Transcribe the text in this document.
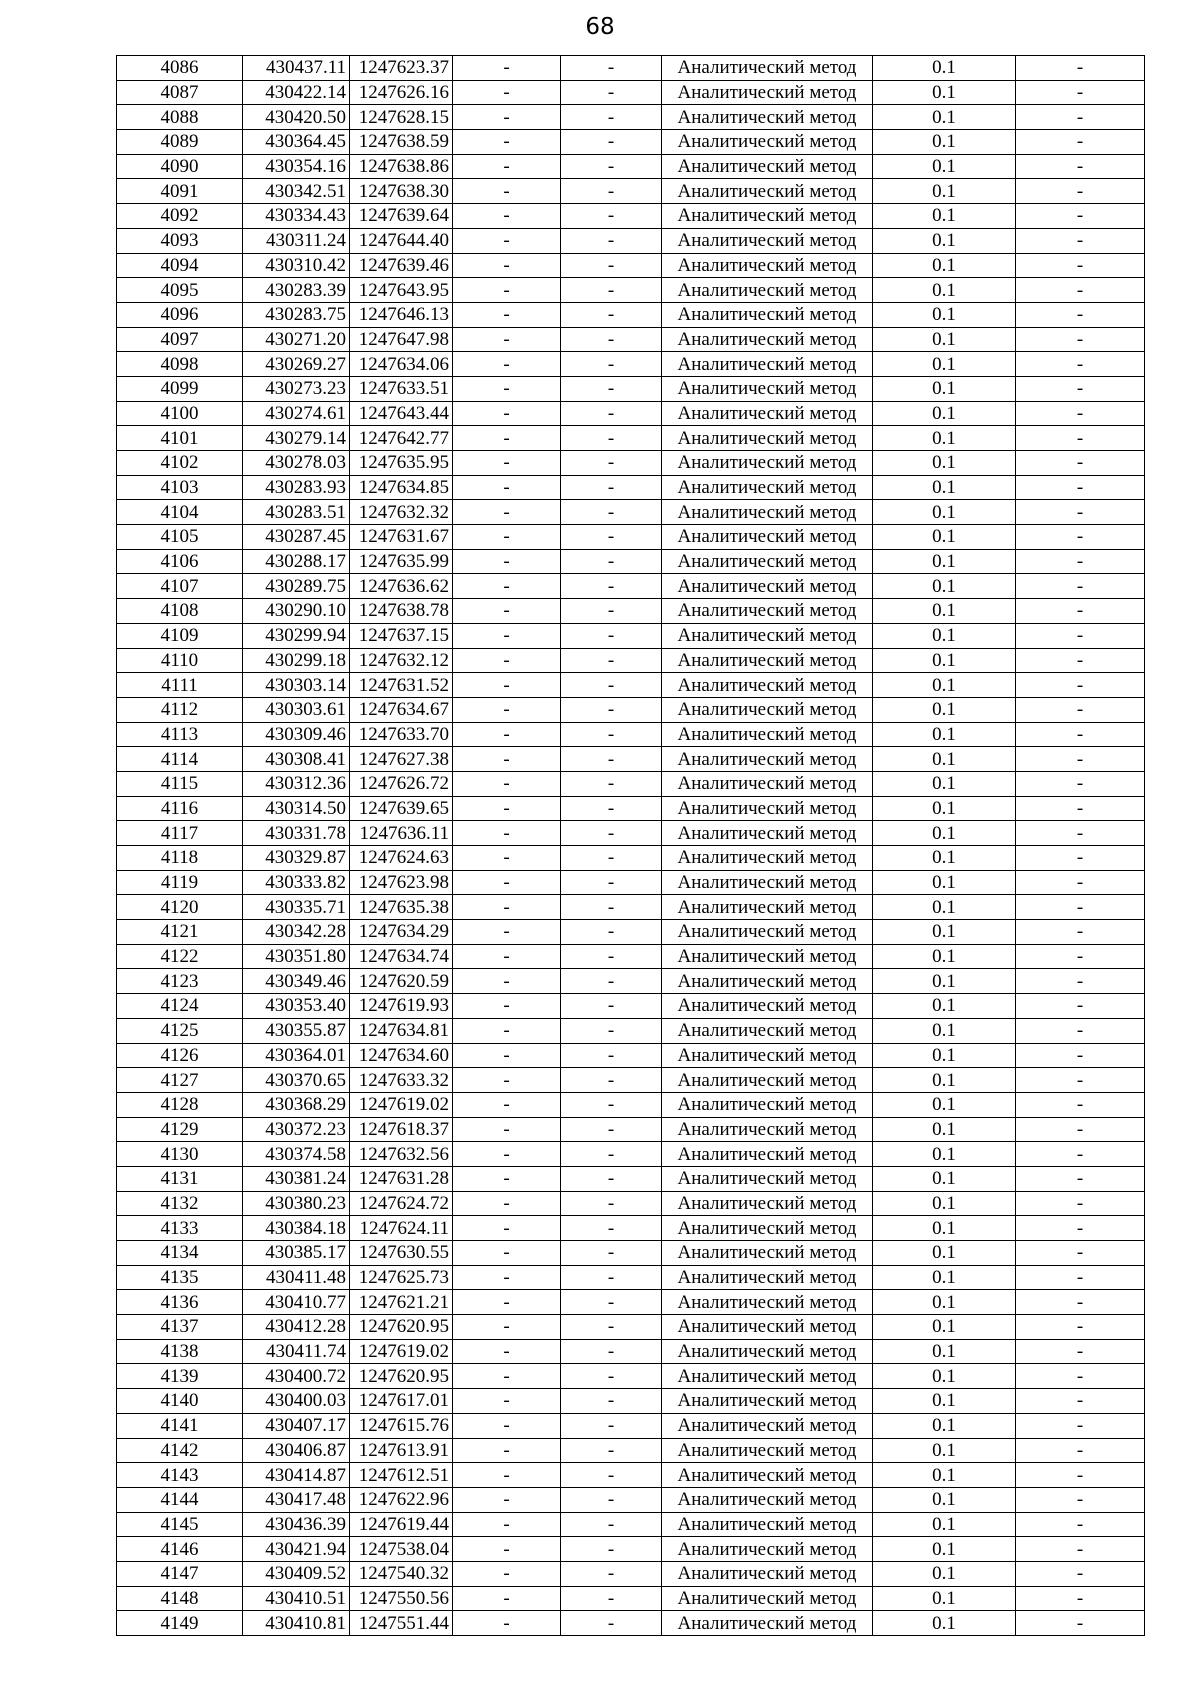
68
4086	430437.11	1247623.37	-	-	Аналитический метод	0.1	-
4087	430422.14	1247626.16	-	-	Аналитический метод	0.1	-
4088	430420.50	1247628.15	-	-	Аналитический метод	0.1	-
4089	430364.45	1247638.59	-	-	Аналитический метод	0.1	-
4090	430354.16	1247638.86	-	-	Аналитический метод	0.1	-
4091	430342.51	1247638.30	-	-	Аналитический метод	0.1	-
4092	430334.43	1247639.64	-	-	Аналитический метод	0.1	-
4093	430311.24	1247644.40	-	-	Аналитический метод	0.1	-
4094	430310.42	1247639.46	-	-	Аналитический метод	0.1	-
4095	430283.39	1247643.95	-	-	Аналитический метод	0.1	-
4096	430283.75	1247646.13	-	-	Аналитический метод	0.1	-
4097	430271.20	1247647.98	-	-	Аналитический метод	0.1	-
4098	430269.27	1247634.06	-	-	Аналитический метод	0.1	-
4099	430273.23	1247633.51	-	-	Аналитический метод	0.1	-
4100	430274.61	1247643.44	-	-	Аналитический метод	0.1	-
4101	430279.14	1247642.77	-	-	Аналитический метод	0.1	-
4102	430278.03	1247635.95	-	-	Аналитический метод	0.1	-
4103	430283.93	1247634.85	-	-	Аналитический метод	0.1	-
4104	430283.51	1247632.32	-	-	Аналитический метод	0.1	-
4105	430287.45	1247631.67	-	-	Аналитический метод	0.1	-
4106	430288.17	1247635.99	-	-	Аналитический метод	0.1	-
4107	430289.75	1247636.62	-	-	Аналитический метод	0.1	-
4108	430290.10	1247638.78	-	-	Аналитический метод	0.1	-
4109	430299.94	1247637.15	-	-	Аналитический метод	0.1	-
4110	430299.18	1247632.12	-	-	Аналитический метод	0.1	-
4111	430303.14	1247631.52	-	-	Аналитический метод	0.1	-
4112	430303.61	1247634.67	-	-	Аналитический метод	0.1	-
4113	430309.46	1247633.70	-	-	Аналитический метод	0.1	-
4114	430308.41	1247627.38	-	-	Аналитический метод	0.1	-
4115	430312.36	1247626.72	-	-	Аналитический метод	0.1	-
4116	430314.50	1247639.65	-	-	Аналитический метод	0.1	-
4117	430331.78	1247636.11	-	-	Аналитический метод	0.1	-
4118	430329.87	1247624.63	-	-	Аналитический метод	0.1	-
4119	430333.82	1247623.98	-	-	Аналитический метод	0.1	-
4120	430335.71	1247635.38	-	-	Аналитический метод	0.1	-
4121	430342.28	1247634.29	-	-	Аналитический метод	0.1	-
4122	430351.80	1247634.74	-	-	Аналитический метод	0.1	-
4123	430349.46	1247620.59	-	-	Аналитический метод	0.1	-
4124	430353.40	1247619.93	-	-	Аналитический метод	0.1	-
4125	430355.87	1247634.81	-	-	Аналитический метод	0.1	-
4126	430364.01	1247634.60	-	-	Аналитический метод	0.1	-
4127	430370.65	1247633.32	-	-	Аналитический метод	0.1	-
4128	430368.29	1247619.02	-	-	Аналитический метод	0.1	-
4129	430372.23	1247618.37	-	-	Аналитический метод	0.1	-
4130	430374.58	1247632.56	-	-	Аналитический метод	0.1	-
4131	430381.24	1247631.28	-	-	Аналитический метод	0.1	-
4132	430380.23	1247624.72	-	-	Аналитический метод	0.1	-
4133	430384.18	1247624.11	-	-	Аналитический метод	0.1	-
4134	430385.17	1247630.55	-	-	Аналитический метод	0.1	-
4135	430411.48	1247625.73	-	-	Аналитический метод	0.1	-
4136	430410.77	1247621.21	-	-	Аналитический метод	0.1	-
4137	430412.28	1247620.95	-	-	Аналитический метод	0.1	-
4138	430411.74	1247619.02	-	-	Аналитический метод	0.1	-
4139	430400.72	1247620.95	-	-	Аналитический метод	0.1	-
4140	430400.03	1247617.01	-	-	Аналитический метод	0.1	-
4141	430407.17	1247615.76	-	-	Аналитический метод	0.1	-
4142	430406.87	1247613.91	-	-	Аналитический метод	0.1	-
4143	430414.87	1247612.51	-	-	Аналитический метод	0.1	-
4144	430417.48	1247622.96	-	-	Аналитический метод	0.1	-
4145	430436.39	1247619.44	-	-	Аналитический метод	0.1	-
4146	430421.94	1247538.04	-	-	Аналитический метод	0.1	-
4147	430409.52	1247540.32	-	-	Аналитический метод	0.1	-
4148	430410.51	1247550.56	-	-	Аналитический метод	0.1	-
4149	430410.81	1247551.44	-	-	Аналитический метод	0.1	-
